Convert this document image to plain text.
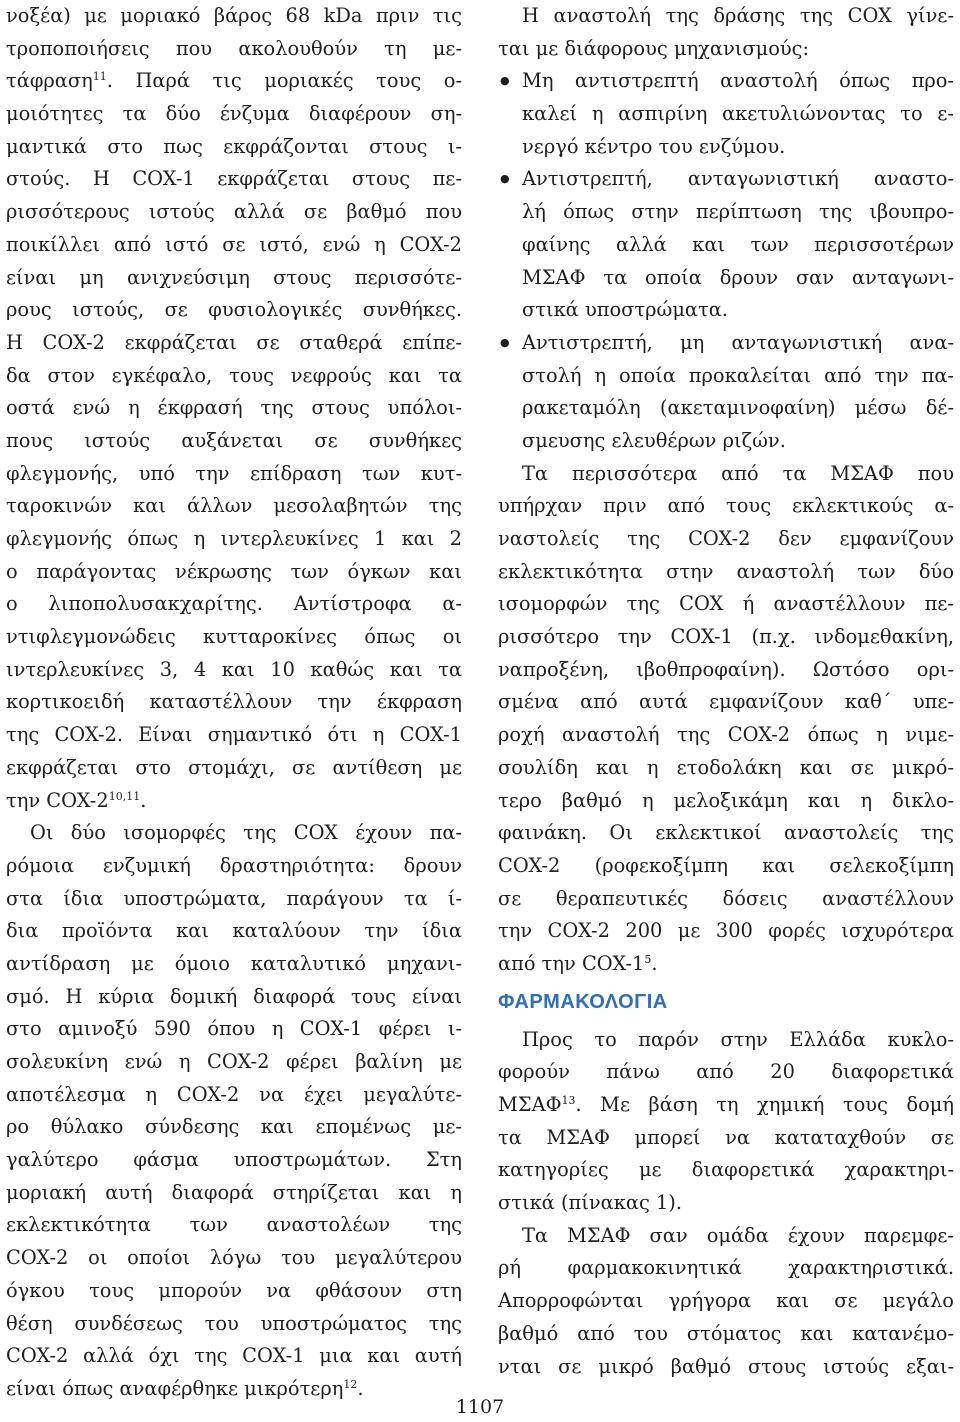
νοξέα) με μοριακό βάρος 68 kDa πριν τις
τροποποιήσεις που ακολουθούν τη με-
τάφραση$^{11}$. Παρά τις μοριακές τους ο-
μοιότητες τα δύο ένζυμα διαφέρουν ση-
μαντικά στο πως εκφράζονται στους ι-
στούς. Η COX-1 εκφράζεται στους πε-
ρισσότερους ιστούς αλλά σε βαθμό που
ποικίλλει από ιστό σε ιστό, ενώ η COX-2
είναι μη ανιχνεύσιμη στους περισσότε-
ρους ιστούς, σε φυσιολογικές συνθήκες.
Η COX-2 εκφράζεται σε σταθερά επίπε-
δα στον εγκέφαλο, τους νεφρούς και τα
οστά ενώ η έκφρασή της στους υπόλοι-
πους ιστούς αυξάνεται σε συνθήκες
φλεγμονής, υπό την επίδραση των κυτ-
ταροκινών και άλλων μεσολαβητών της
φλεγμονής όπως η ιντερλευκίνες 1 και 2
ο παράγοντας νέκρωσης των όγκων και
ο λιποπολυσακχαρίτης. Αντίστροφα α-
ντιφλεγμονώδεις κυτταροκίνες όπως οι
ιντερλευκίνες 3, 4 και 10 καθώς και τα
κορτικοειδή καταστέλλουν την έκφραση
της COX-2. Είναι σημαντικό ότι η COX-1
εκφράζεται στο στομάχι, σε αντίθεση με
την COX-2$^{10,11}$.
Οι δύο ισομορφές της COX έχουν πα-
ρόμοια ενζυμική δραστηριότητα: δρουν
στα ίδια υποστρώματα, παράγουν τα ί-
δια προϊόντα και καταλύουν την ίδια
αντίδραση με όμοιο καταλυτικό μηχανι-
σμό. Η κύρια δομική διαφορά τους είναι
στο αμινοξύ 590 όπου η COX-1 φέρει ι-
σολευκίνη ενώ η COX-2 φέρει βαλίνη με
αποτέλεσμα η COX-2 να έχει μεγαλύτε-
ρο θύλακο σύνδεσης και επομένως με-
γαλύτερο φάσμα υποστρωμάτων. Στη
μοριακή αυτή διαφορά στηρίζεται και η
εκλεκτικότητα των αναστολέων της
COX-2 οι οποίοι λόγω του μεγαλύτερου
όγκου τους μπορούν να φθάσουν στη
θέση συνδέσεως του υποστρώματος της
COX-2 αλλά όχι της COX-1 μια και αυτή
είναι όπως αναφέρθηκε μικρότερη$^{12}$.
Η αναστολή της δράσης της COX γίνε-
ται με διάφορους μηχανισμούς:
● Μη αντιστρεπτή αναστολή όπως προ-
καλεί η ασπιρίνη ακετυλιώνοντας το ε-
νεργό κέντρο του ενζύμου.
● Αντιστρεπτή, ανταγωνιστική αναστο-
λή όπως στην περίπτωση της ιβουπρο-
φαίνης αλλά και των περισσοτέρων
ΜΣΑΦ τα οποία δρουν σαν ανταγωνι-
στικά υποστρώματα.
● Αντιστρεπτή, μη ανταγωνιστική ανα-
στολή η οποία προκαλείται από την πα-
ρακεταμόλη (ακεταμινοφαίνη) μέσω δέ-
σμευσης ελευθέρων ριζών.
Τα περισσότερα από τα ΜΣΑΦ που
υπήρχαν πριν από τους εκλεκτικούς α-
ναστολείς της COX-2 δεν εμφανίζουν
εκλεκτικότητα στην αναστολή των δύο
ισομορφών της COX ή αναστέλλουν πε-
ρισσότερο την COX-1 (π.χ. ινδομεθακίνη,
ναπροξένη, ιβοθπροφαίνη). Ωστόσο ορι-
σμένα από αυτά εμφανίζουν καθ΄ υπε-
ροχή αναστολή της COX-2 όπως η νιμε-
σουλίδη και η ετοδολάκη και σε μικρό-
τερο βαθμό η μελοξικάμη και η δικλο-
φαινάκη. Οι εκλεκτικοί αναστολείς της
COX-2 (ροφεκοξίμπη και σελεκοξίμπη
σε θεραπευτικές δόσεις αναστέλλουν
την COX-2 200 με 300 φορές ισχυρότερα
από την COX-$1^5$.
ΦΑΡΜΑΚΟΛΟΓΙΑ
Προς το παρόν στην Ελλάδα κυκλο-
φορούν πάνω από 20 διαφορετικά
ΜΣΑΦ$^{13}$. Με βάση τη χημική τους δομή
τα ΜΣΑΦ μπορεί να καταταχθούν σε
κατηγορίες με διαφορετικά χαρακτηρι-
στικά (πίνακας 1).
Τα ΜΣΑΦ σαν ομάδα έχουν παρεμφε-
ρή φαρμακοκινητικά χαρακτηριστικά.
Απορροφώνται γρήγορα και σε μεγάλο
βαθμό από του στόματος και κατανέμο-
νται σε μικρό βαθμό στους ιστούς εξαι-
1107
